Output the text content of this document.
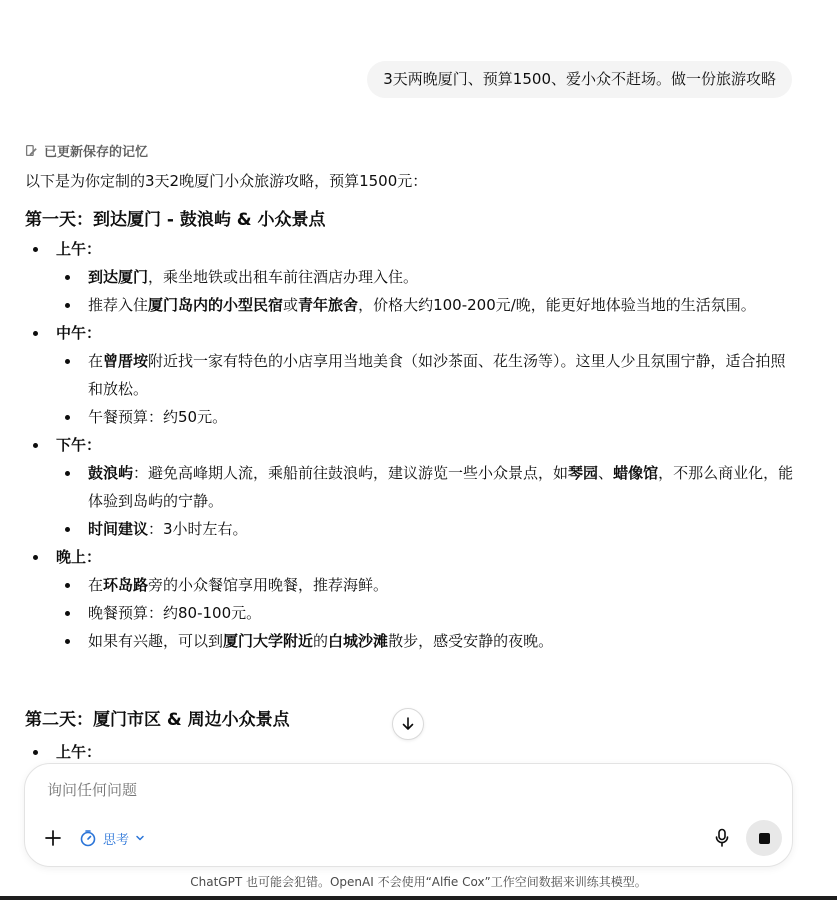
3天两晚厦门、预算1500、爱小众不赶场。做一份旅游攻略
已更新保存的记忆

以下是为你定制的3天2晚厦门小众旅游攻略，预算1500元：

第一天：到达厦门 - 鼓浪屿 & 小众景点
上午：
到达厦门，乘坐地铁或出租车前往酒店办理入住。
推荐入住厦门岛内的小型民宿或青年旅舍，价格大约100-200元/晚，能更好地体验当地的生活氛围。
中午：
在曾厝垵附近找一家有特色的小店享用当地美食（如沙茶面、花生汤等）。这里人少且氛围宁静，适合拍照和放松。
午餐预算：约50元。
下午：
鼓浪屿：避免高峰期人流，乘船前往鼓浪屿，建议游览一些小众景点，如琴园、蜡像馆，不那么商业化，能体验到岛屿的宁静。
时间建议：3小时左右。
晚上：
在环岛路旁的小众餐馆享用晚餐，推荐海鲜。
晚餐预算：约80-100元。
如果有兴趣，可以到厦门大学附近的白城沙滩散步，感受安静的夜晚。
第二天：厦门市区 & 周边小众景点
上午：
询问任何问题
思考
ChatGPT 也可能会犯错。OpenAI 不会使用“Alfie Cox”工作空间数据来训练其模型。
